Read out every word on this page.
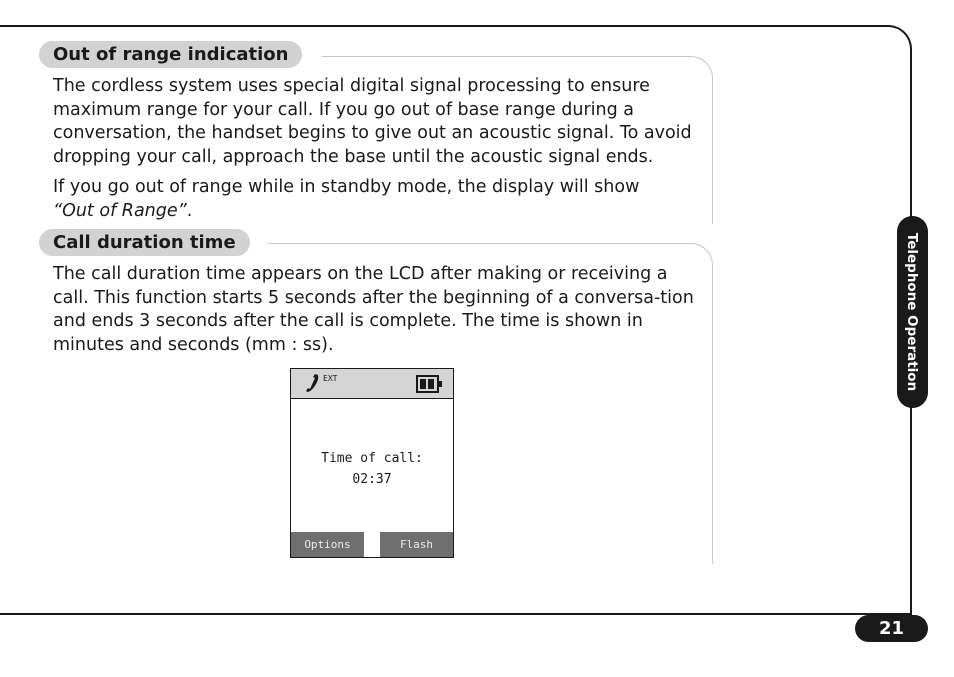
Out of range indication

The cordless system uses special digital signal processing to ensure maximum range for your call. If you go out of base range during a conversation, the handset begins to give out an acoustic signal. To avoid dropping your call, approach the base until the acoustic signal ends.

If you go out of range while in standby mode, the display will show
“Out of Range”.

Call duration time

The call duration time appears on the LCD after making or receiving a call. This function starts 5 seconds after the beginning of a conversa-tion and ends 3 seconds after the call is complete. The time is shown in minutes and seconds (mm : ss).

EXT
Time of call:
02:37
Options	Flash
Telephone Operation
21
